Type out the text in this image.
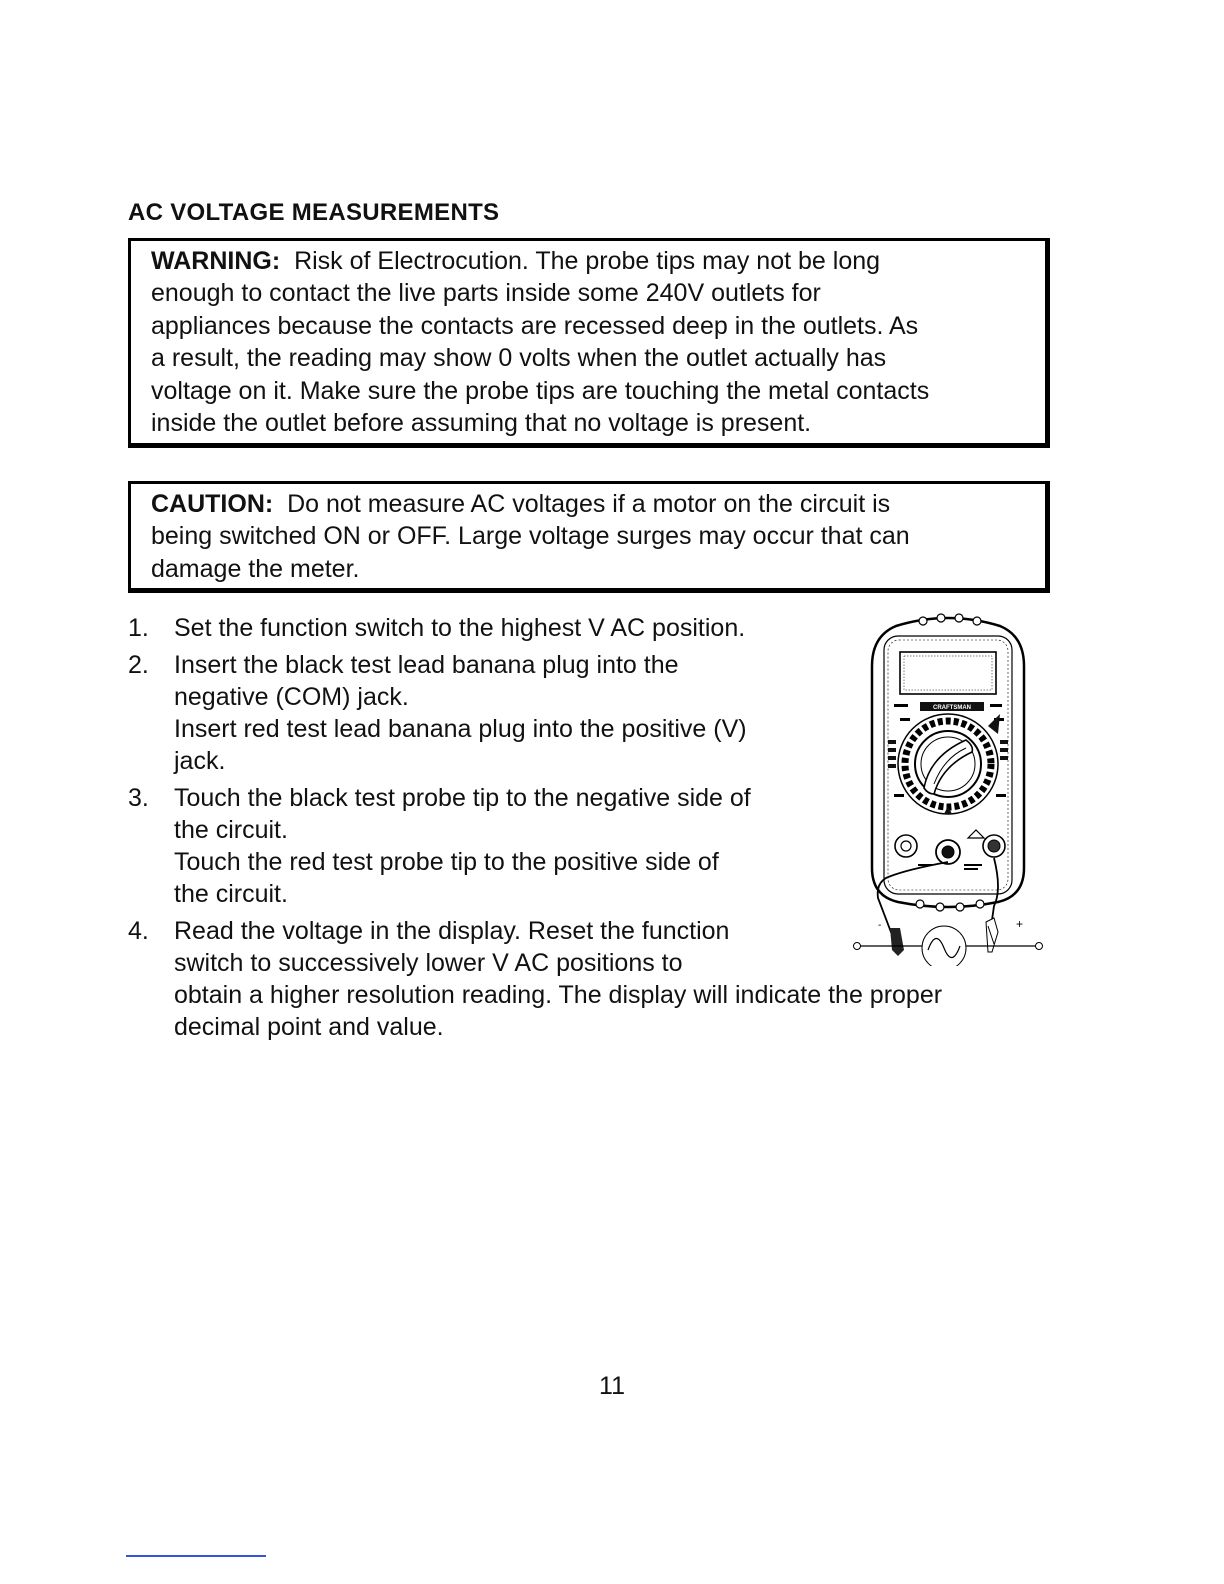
AC VOLTAGE MEASUREMENTS
WARNING: Risk of Electrocution. The probe tips may not be long
enough to contact the live parts inside some 240V outlets for
appliances because the contacts are recessed deep in the outlets. As
a result, the reading may show 0 volts when the outlet actually has
voltage on it. Make sure the probe tips are touching the metal contacts
inside the outlet before assuming that no voltage is present.
CAUTION: Do not measure AC voltages if a motor on the circuit is
being switched ON or OFF. Large voltage surges may occur that can
damage the meter.
1. Set the function switch to the highest V AC position.
2. Insert the black test lead banana plug into the
negative (COM) jack.
Insert red test lead banana plug into the positive (V)
jack.
3. Touch the black test probe tip to the negative side of
the circuit.
Touch the red test probe tip to the positive side of
the circuit.
4. Read the voltage in the display. Reset the function
switch to successively lower V AC positions to
obtain a higher resolution reading. The display will indicate the proper
decimal point and value.
CRAFTSMAN
-	+
11
